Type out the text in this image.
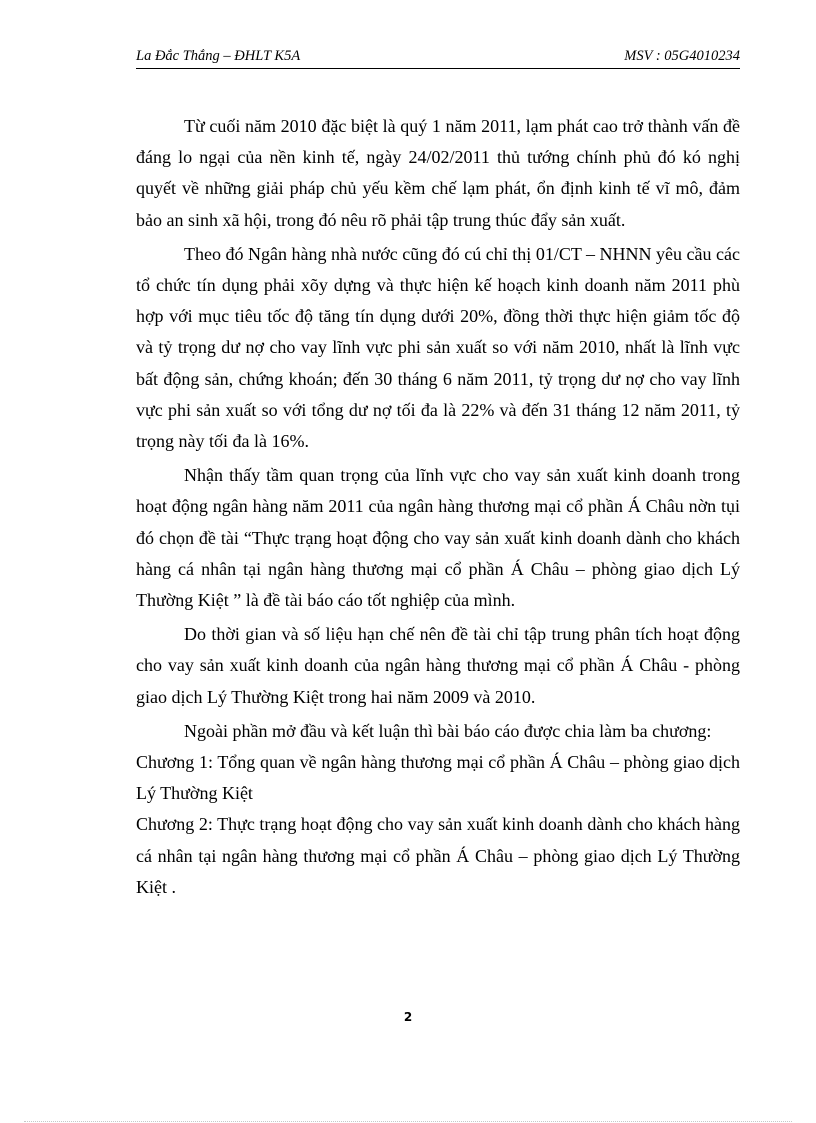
La Đắc Thắng – ĐHLT K5A	MSV : 05G4010234

Từ cuối năm 2010 đặc biệt là quý 1 năm 2011, lạm phát cao trở thành vấn đề đáng lo ngại của nền kinh tế, ngày 24/02/2011 thủ tướng chính phủ đó kó nghị quyết về những giải pháp chủ yếu kềm chế lạm phát, ổn định kinh tế vĩ mô, đảm bảo an sinh xã hội, trong đó nêu rõ phải tập trung thúc đẩy sản xuất.

Theo đó Ngân hàng nhà nước cũng đó cú chỉ thị 01/CT – NHNN yêu cầu các tổ chức tín dụng phải xõy dựng và thực hiện kế hoạch kinh doanh năm 2011 phù hợp với mục tiêu tốc độ tăng tín dụng dưới 20%, đồng thời thực hiện giảm tốc độ và tỷ trọng dư nợ cho vay lĩnh vực phi sản xuất so với năm 2010, nhất là lĩnh vực bất động sản, chứng khoán; đến 30 tháng 6 năm 2011, tỷ trọng dư nợ cho vay lĩnh vực phi sản xuất so với tổng dư nợ tối đa là 22% và đến 31 tháng 12 năm 2011, tỷ trọng này tối đa là 16%.

Nhận thấy tầm quan trọng của lĩnh vực cho vay sản xuất kinh doanh trong hoạt động ngân hàng năm 2011 của ngân hàng thương mại cổ phần Á Châu nờn tụi đó chọn đề tài “Thực trạng hoạt động cho vay sản xuất kinh doanh dành cho khách hàng cá nhân tại ngân hàng thương mại cổ phần Á Châu – phòng giao dịch Lý Thường Kiệt ” là đề tài báo cáo tốt nghiệp của mình.

Do thời gian và số liệu hạn chế nên đề tài chỉ tập trung phân tích hoạt động cho vay sản xuất kinh doanh của ngân hàng thương mại cổ phần Á Châu - phòng giao dịch Lý Thường Kiệt trong hai năm 2009 và 2010.

Ngoài phần mở đầu và kết luận thì bài báo cáo được chia làm ba chương:

Chương 1: Tổng quan về ngân hàng thương mại cổ phần Á Châu – phòng giao dịch Lý Thường Kiệt

Chương 2: Thực trạng hoạt động cho vay sản xuất kinh doanh dành cho khách hàng cá nhân tại ngân hàng thương mại cổ phần Á Châu – phòng giao dịch Lý Thường Kiệt .

2
